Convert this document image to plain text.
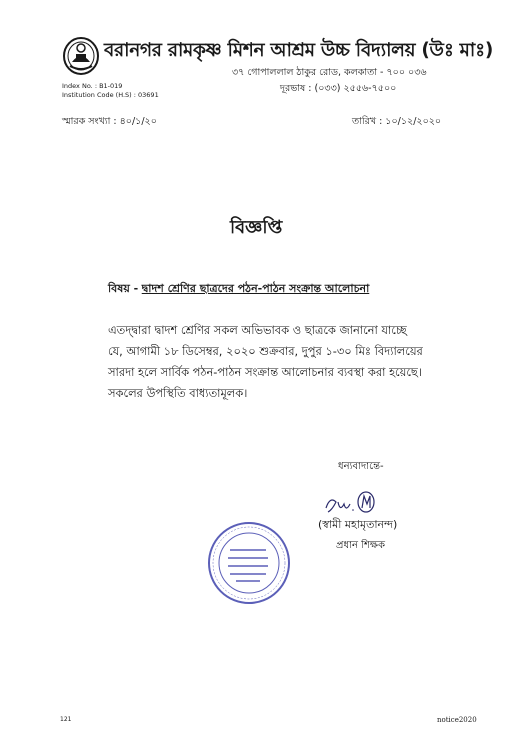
বরানগর রামকৃষ্ণ মিশন আশ্রম উচ্চ বিদ্যালয় (উঃ মাঃ)
৩৭ গোপাললাল ঠাকুর রোড, কলকাতা - ৭০০ ০৩৬
দূরভাষ : (০৩৩) ২৫৫৬-৭৫০০
Index No. : B1-019
Institution Code (H.S) : 03691
স্মারক সংখ্যা : ৪০/১/২০	তারিখ : ১০/১২/২০২০
বিজ্ঞপ্তি
বিষয় - দ্বাদশ শ্রেণির ছাত্রদের পঠন-পাঠন সংক্রান্ত আলোচনা

এতদ্দ্বারা দ্বাদশ শ্রেণির সকল অভিভাবক ও ছাত্রকে জানানো যাচ্ছে

যে, আগামী ১৮ ডিসেম্বর, ২০২০ শুক্রবার, দুপুর ১-৩০ মিঃ বিদ্যালয়ের

সারদা হলে সার্বিক পঠন-পাঠন সংক্রান্ত আলোচনার ব্যবস্থা করা হয়েছে।

সকলের উপস্থিতি বাধ্যতামূলক।

ধন্যবাদান্তে-
(স্বামী মহামৃতানন্দ)
প্রধান শিক্ষক
121	notice2020
